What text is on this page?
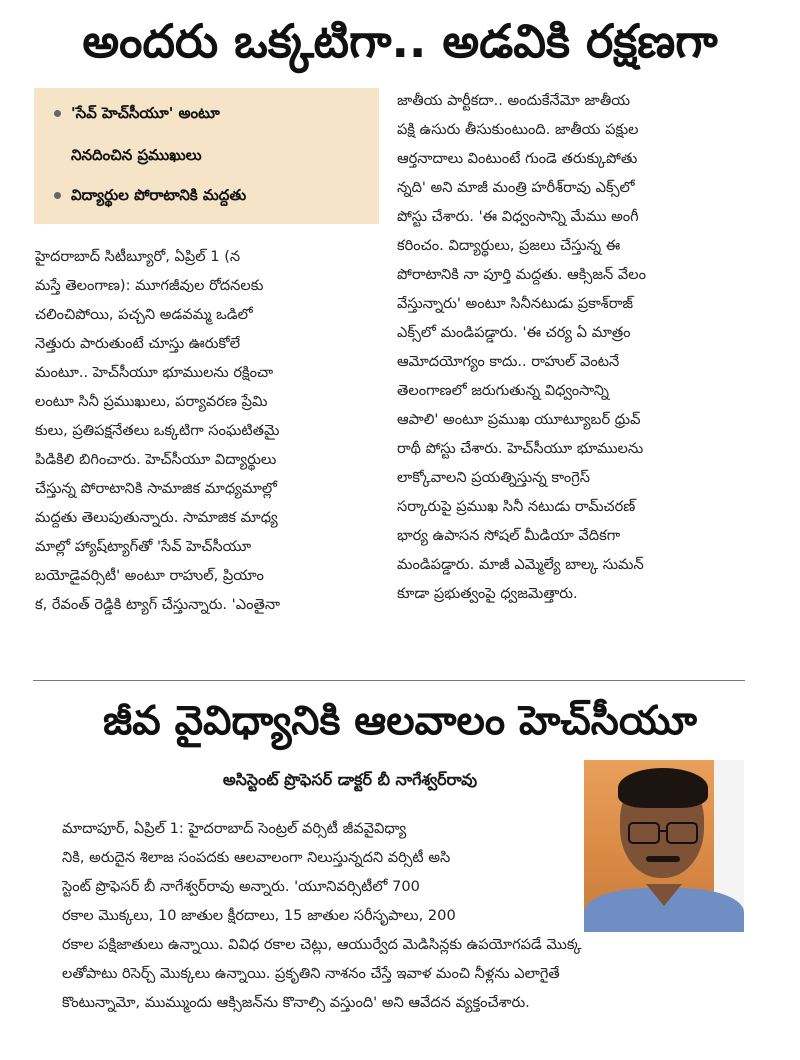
అందరు ఒక్కటిగా.. అడవికి రక్షణగా
'సేవ్ హెచ్‌సీయూ' అంటూ
నినదించిన ప్రముఖులు
విద్యార్థుల పోరాటానికి మద్దతు
హైదరాబాద్ సిటీబ్యూరో, ఏప్రిల్ 1 (న
మస్తే తెలంగాణ): మూగజీవుల రోదనలకు
చలించిపోయి, పచ్చని అడవమ్మ ఒడిలో
నెత్తురు పారుతుంటే చూస్తు ఊరుకోలే
మంటూ.. హెచ్‌సీయూ భూములను రక్షించా
లంటూ సినీ ప్రముఖులు, పర్యావరణ ప్రేమి
కులు, ప్రతిపక్షనేతలు ఒక్కటిగా సంఘటితమై
పిడికిలి బిగించారు. హెచ్‌సీయూ విద్యార్థులు
చేస్తున్న పోరాటానికి సామాజిక మాధ్యమాల్లో
మద్దతు తెలుపుతున్నారు. సామాజిక మాధ్య
మాల్లో హ్యాష్‌ట్యాగ్‌తో 'సేవ్ హెచ్‌సీయూ
బయోడైవర్సిటీ' అంటూ రాహుల్, ప్రియాం
క, రేవంత్ రెడ్డికి ట్యాగ్ చేస్తున్నారు. 'ఎంతైనా
జాతీయ పార్టీకదా.. అందుకేనేమో జాతీయ
పక్షి ఉసురు తీసుకుంటుంది. జాతీయ పక్షుల
ఆర్తనాదాలు వింటుంటే గుండె తరుక్కుపోతు
న్నది' అని మాజీ మంత్రి హరీశ్‌రావు ఎక్స్‌లో
పోస్టు చేశారు. 'ఈ విధ్వంసాన్ని మేము అంగీ
కరించం. విద్యార్థులు, ప్రజలు చేస్తున్న ఈ
పోరాటానికి నా పూర్తి మద్దతు. ఆక్సిజన్ వేలం
వేస్తున్నారు' అంటూ సినీనటుడు ప్రకాశ్‌రాజ్
ఎక్స్‌లో మండిపడ్డారు. 'ఈ చర్య ఏ మాత్రం
ఆమోదయోగ్యం కాదు.. రాహుల్ వెంటనే
తెలంగాణలో జరుగుతున్న విధ్వంసాన్ని
ఆపాలి' అంటూ ప్రముఖ యూట్యూబర్ ధ్రువ్
రాథీ పోస్టు చేశారు. హెచ్‌సీయూ భూములను
లాక్కోవాలని ప్రయత్నిస్తున్న కాంగ్రెస్
సర్కారుపై ప్రముఖ సినీ నటుడు రామ్‌చరణ్
భార్య ఉపాసన సోషల్ మీడియా వేదికగా
మండిపడ్డారు. మాజీ ఎమ్మెల్యే బాల్క సుమన్
కూడా ప్రభుత్వంపై ధ్వజమెత్తారు.
జీవ వైవిధ్యానికి ఆలవాలం హెచ్‌సీయూ
అసిస్టెంట్ ప్రొఫెసర్ డాక్టర్ బీ నాగేశ్వర్‌రావు
మాదాపూర్, ఏప్రిల్ 1: హైదరాబాద్ సెంట్రల్ వర్సిటీ జీవవైవిధ్యా
నికి, అరుదైన శిలాజ సంపదకు ఆలవాలంగా నిలుస్తున్నదని వర్సిటీ అసి
స్టెంట్ ప్రొఫెసర్ బీ నాగేశ్వర్‌రావు అన్నారు. 'యూనివర్సిటీలో 700
రకాల మొక్కలు, 10 జాతుల క్షీరదాలు, 15 జాతుల సరీసృపాలు, 200
రకాల పక్షిజాతులు ఉన్నాయి. వివిధ రకాల చెట్లు, ఆయుర్వేద మెడిసిన్లకు ఉపయోగపడే మొక్క
లతోపాటు రిసెర్చ్ మొక్కలు ఉన్నాయి. ప్రకృతిని నాశనం చేస్తే ఇవాళ మంచి నీళ్లను ఎలాగైతే
కొంటున్నామో, ముమ్ముందు ఆక్సిజన్‌ను కొనాల్సి వస్తుంది' అని ఆవేదన వ్యక్తంచేశారు.
